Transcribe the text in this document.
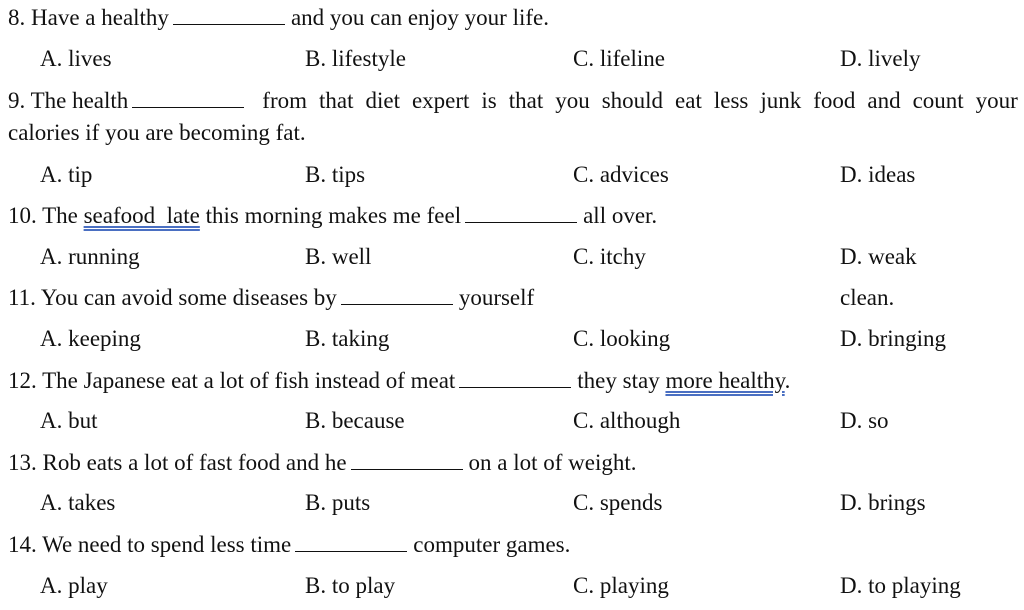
8. Have a healthy	and you can enjoy your life.
A. lives	B. lifestyle	C. lifeline	D. lively
9. The health	from that diet expert is that you should eat less junk food and count your
calories if you are becoming fat.
A. tip	B. tips	C. advices	D. ideas
10. The seafood  late this morning makes me feel	all over.
A. running	B. well	C. itchy	D. weak
11. You can avoid some diseases by	yourself	clean.
A. keeping	B. taking	C. looking	D. bringing
12. The Japanese eat a lot of fish instead of meat	they stay more healthy.
A. but	B. because	C. although	D. so
13. Rob eats a lot of fast food and he	on a lot of weight.
A. takes	B. puts	C. spends	D. brings
14. We need to spend less time	computer games.
A. play	B. to play	C. playing	D. to playing
